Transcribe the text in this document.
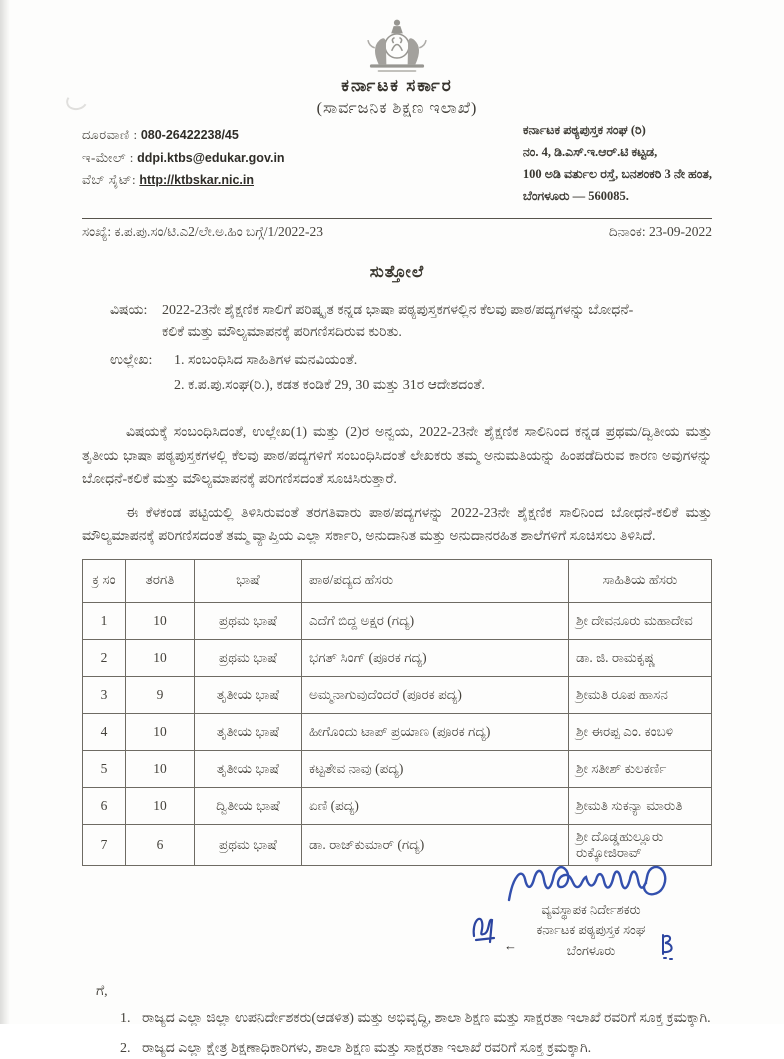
ಕರ್ನಾಟಕ ಸರ್ಕಾರ
(ಸಾರ್ವಜನಿಕ ಶಿಕ್ಷಣ ಇಲಾಖೆ)
ದೂರವಾಣಿ : 080-26422238/45
ಇ-ಮೇಲ್ : ddpi.ktbs@edukar.gov.in
ವೆಬ್ ಸೈಟ್: http://ktbskar.nic.in
ಕರ್ನಾಟಕ ಪಠ್ಯಪುಸ್ತಕ ಸಂಘ (ರಿ)
ನಂ. 4, ಡಿ.ಎಸ್.ಇ.ಆರ್.ಟಿ ಕಟ್ಟಡ,
100 ಅಡಿ ವರ್ತುಲ ರಸ್ತೆ, ಬನಶಂಕರಿ 3 ನೇ ಹಂತ,
ಬೆಂಗಳೂರು — 560085.
ಸಂಖ್ಯೆ: ಕ.ಪ.ಪು.ಸಂ/ಟಿ.ಎ2/ಲೇ.ಅ.ಹಿಂ ಬಗ್ಗೆ/1/2022-23	ದಿನಾಂಕ: 23-09-2022
ಸುತ್ತೋಲೆ
ವಿಷಯ:	2022-23ನೇ ಶೈಕ್ಷಣಿಕ ಸಾಲಿಗೆ ಪರಿಷ್ಕೃತ ಕನ್ನಡ ಭಾಷಾ ಪಠ್ಯಪುಸ್ತಕಗಳಲ್ಲಿನ ಕೆಲವು ಪಾಠ/ಪದ್ಯಗಳನ್ನು ಬೋಧನೆ-ಕಲಿಕೆ ಮತ್ತು ಮೌಲ್ಯಮಾಪನಕ್ಕೆ ಪರಿಗಣಿಸದಿರುವ ಕುರಿತು.
ಉಲ್ಲೇಖ:	1. ಸಂಬಂಧಿಸಿದ ಸಾಹಿತಿಗಳ ಮನವಿಯಂತೆ.
2. ಕ.ಪ.ಪು.ಸಂಘ(ರಿ.), ಕಡತ ಕಂಡಿಕೆ 29, 30 ಮತ್ತು 31ರ ಆದೇಶದಂತೆ.

ವಿಷಯಕ್ಕೆ ಸಂಬಂಧಿಸಿದಂತೆ, ಉಲ್ಲೇಖ(1) ಮತ್ತು (2)ರ ಅನ್ವಯ, 2022-23ನೇ ಶೈಕ್ಷಣಿಕ ಸಾಲಿನಿಂದ ಕನ್ನಡ ಪ್ರಥಮ/ದ್ವಿತೀಯ ಮತ್ತು ತೃತೀಯ ಭಾಷಾ ಪಠ್ಯಪುಸ್ತಕಗಳಲ್ಲಿ ಕೆಲವು ಪಾಠ/ಪದ್ಯಗಳಿಗೆ ಸಂಬಂಧಿಸಿದಂತೆ ಲೇಖಕರು ತಮ್ಮ ಅನುಮತಿಯನ್ನು ಹಿಂಪಡೆದಿರುವ ಕಾರಣ ಅವುಗಳನ್ನು ಬೋಧನೆ-ಕಲಿಕೆ ಮತ್ತು ಮೌಲ್ಯಮಾಪನಕ್ಕೆ ಪರಿಗಣಿಸದಂತೆ ಸೂಚಿಸಿರುತ್ತಾರೆ.

ಈ ಕೆಳಕಂಡ ಪಟ್ಟಿಯಲ್ಲಿ ತಿಳಿಸಿರುವಂತೆ ತರಗತಿವಾರು ಪಾಠ/ಪದ್ಯಗಳನ್ನು 2022-23ನೇ ಶೈಕ್ಷಣಿಕ ಸಾಲಿನಿಂದ ಬೋಧನೆ-ಕಲಿಕೆ ಮತ್ತು ಮೌಲ್ಯಮಾಪನಕ್ಕೆ ಪರಿಗಣಿಸದಂತೆ ತಮ್ಮ ವ್ಯಾಪ್ತಿಯ ಎಲ್ಲಾ ಸರ್ಕಾರಿ, ಅನುದಾನಿತ ಮತ್ತು ಅನುದಾನರಹಿತ ಶಾಲೆಗಳಿಗೆ ಸೂಚಿಸಲು ತಿಳಿಸಿದೆ.

ಕ್ರ ಸಂ	ತರಗತಿ	ಭಾಷೆ	ಪಾಠ/ಪದ್ಯದ ಹೆಸರು	ಸಾಹಿತಿಯ ಹೆಸರು
1	10	ಪ್ರಥಮ ಭಾಷೆ	ಎದೆಗೆ ಬಿದ್ದ ಅಕ್ಷರ (ಗದ್ಯ)	ಶ್ರೀ ದೇವನೂರು ಮಹಾದೇವ
2	10	ಪ್ರಥಮ ಭಾಷೆ	ಭಗತ್ ಸಿಂಗ್ (ಪೂರಕ ಗದ್ಯ)	ಡಾ. ಜಿ. ರಾಮಕೃಷ್ಣ
3	9	ತೃತೀಯ ಭಾಷೆ	ಅಮ್ಮನಾಗುವುದೆಂದರೆ (ಪೂರಕ ಪದ್ಯ)	ಶ್ರೀಮತಿ ರೂಪ ಹಾಸನ
4	10	ತೃತೀಯ ಭಾಷೆ	ಹೀಗೊಂದು ಟಾಪ್ ಪ್ರಯಾಣ (ಪೂರಕ ಗದ್ಯ)	ಶ್ರೀ ಈರಪ್ಪ ಎಂ. ಕಂಬಳಿ
5	10	ತೃತೀಯ ಭಾಷೆ	ಕಟ್ಟತೇವ ನಾವು (ಪದ್ಯ)	ಶ್ರೀ ಸತೀಶ್ ಕುಲಕರ್ಣಿ
6	10	ದ್ವಿತೀಯ ಭಾಷೆ	ಏಣಿ (ಪದ್ಯ)	ಶ್ರೀಮತಿ ಸುಕನ್ಯಾ ಮಾರುತಿ
7	6	ಪ್ರಥಮ ಭಾಷೆ	ಡಾ. ರಾಜ್‌ಕುಮಾರ್ (ಗದ್ಯ)	ಶ್ರೀ ದೊಡ್ಡಹುಲ್ಲೂರು ರುಕ್ಕೋಜಿರಾವ್
ವ್ಯವಸ್ಥಾಪಕ ನಿರ್ದೇಶಕರು
ಕರ್ನಾಟಕ ಪಠ್ಯಪುಸ್ತಕ ಸಂಘ
ಬೆಂಗಳೂರು
←
ಗೆ,
1. ರಾಜ್ಯದ ಎಲ್ಲಾ ಜಿಲ್ಲಾ ಉಪನಿರ್ದೇಶಕರು(ಆಡಳಿತ) ಮತ್ತು ಅಭಿವೃದ್ಧಿ, ಶಾಲಾ ಶಿಕ್ಷಣ ಮತ್ತು ಸಾಕ್ಷರತಾ ಇಲಾಖೆ ರವರಿಗೆ ಸೂಕ್ತ ಕ್ರಮಕ್ಕಾಗಿ.
2. ರಾಜ್ಯದ ಎಲ್ಲಾ ಕ್ಷೇತ್ರ ಶಿಕ್ಷಣಾಧಿಕಾರಿಗಳು, ಶಾಲಾ ಶಿಕ್ಷಣ ಮತ್ತು ಸಾಕ್ಷರತಾ ಇಲಾಖೆ ರವರಿಗೆ ಸೂಕ್ತ ಕ್ರಮಕ್ಕಾಗಿ.
